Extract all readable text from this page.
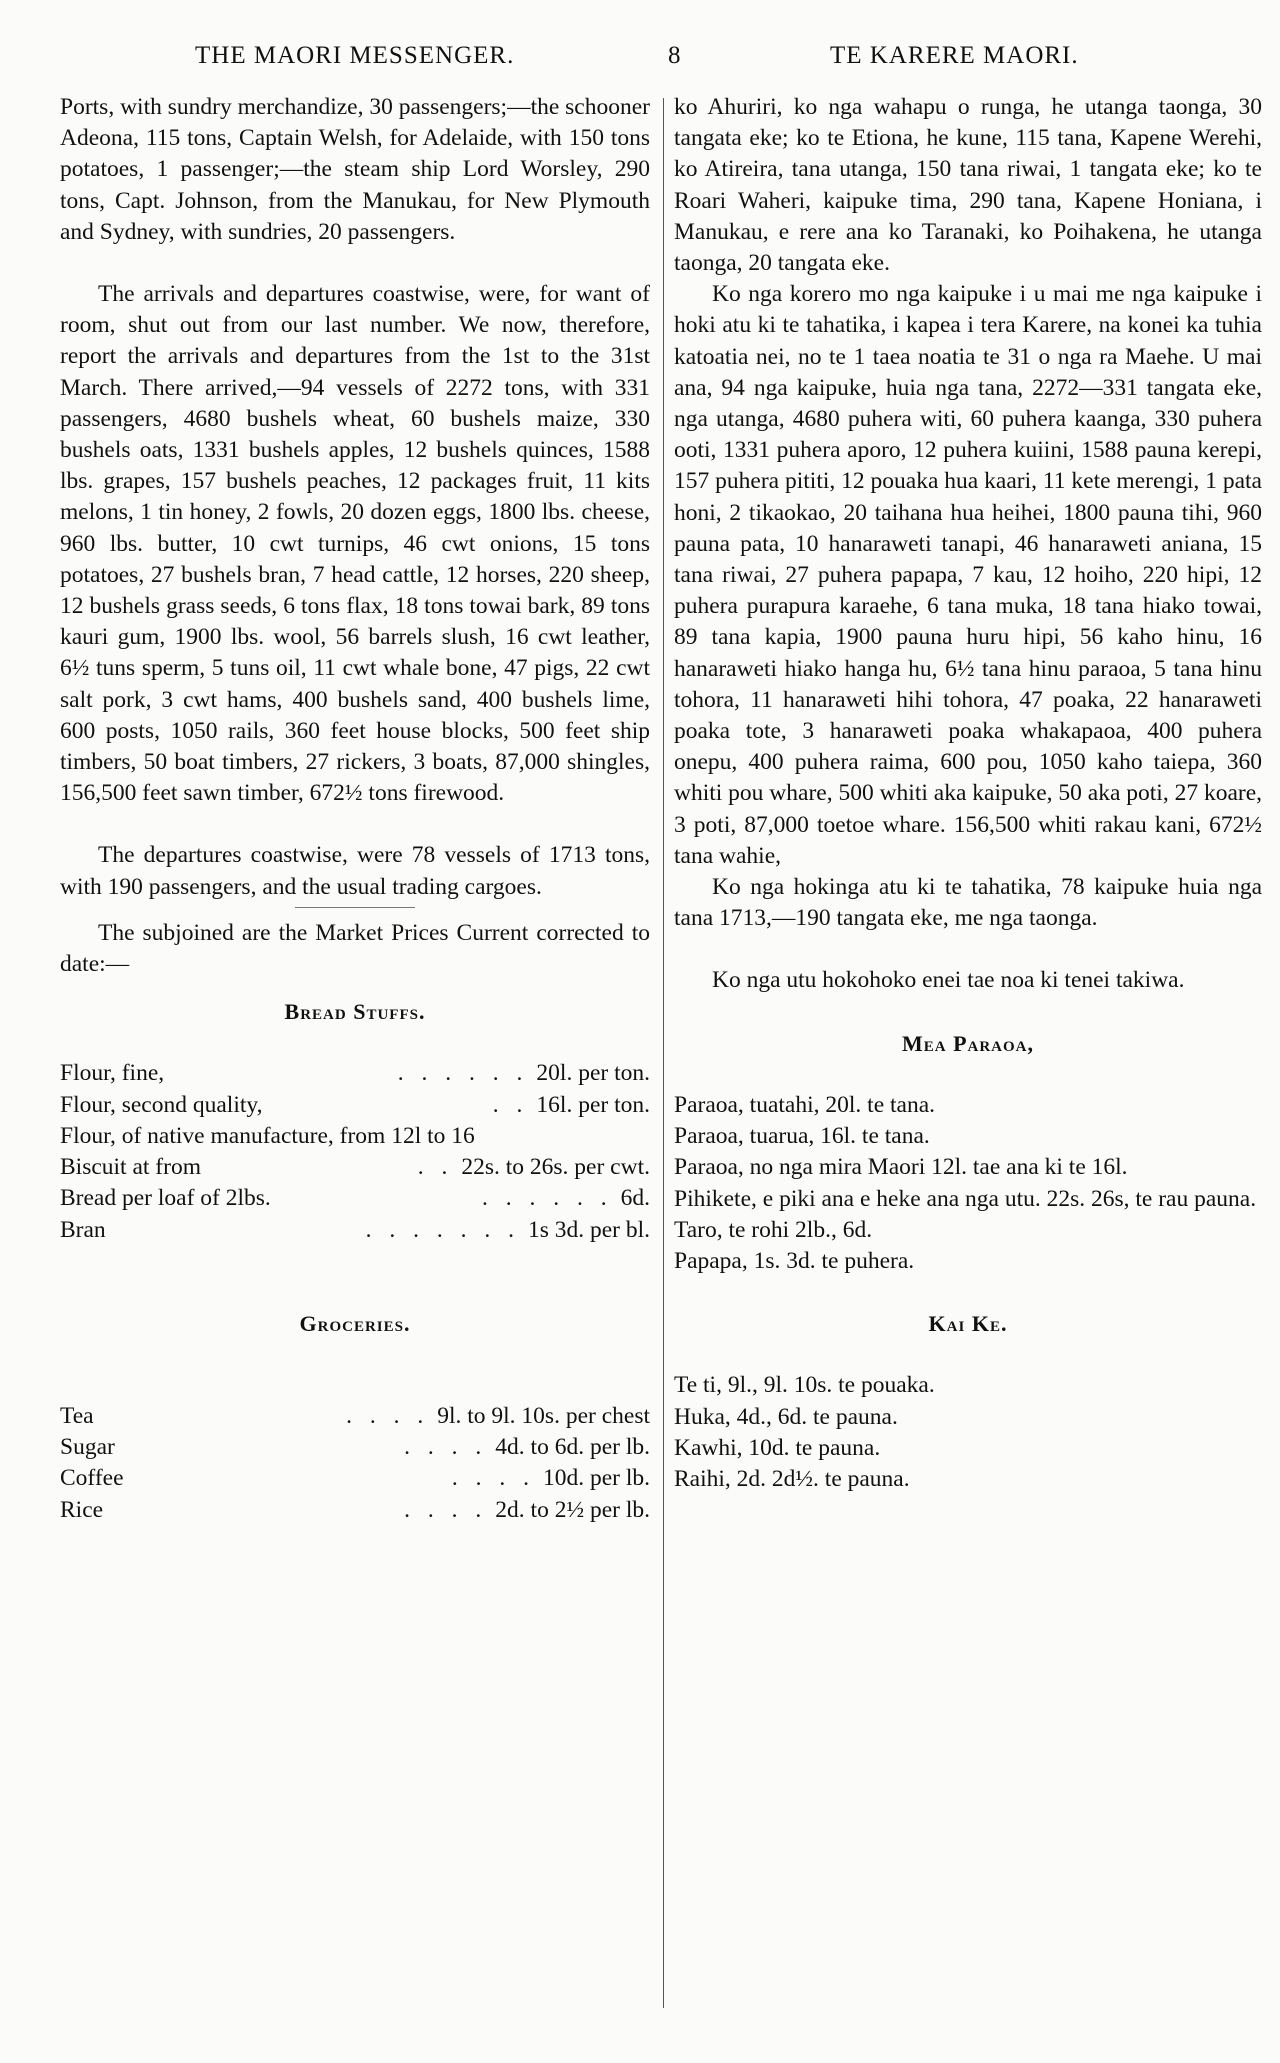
THE MAORI MESSENGER.	8	TE KARERE MAORI.

Ports, with sundry merchandize, 30 passengers;—the schooner Adeona, 115 tons, Captain Welsh, for Adelaide, with 150 tons potatoes, 1 passenger;—the steam ship Lord Worsley, 290 tons, Capt. Johnson, from the Manukau, for New Plymouth and Sydney, with sundries, 20 passengers.

The arrivals and departures coastwise, were, for want of room, shut out from our last number. We now, therefore, report the arrivals and departures from the 1st to the 31st March. There arrived,—94 vessels of 2272 tons, with 331 passengers, 4680 bushels wheat, 60 bushels maize, 330 bushels oats, 1331 bushels apples, 12 bushels quinces, 1588 lbs. grapes, 157 bushels peaches, 12 packages fruit, 11 kits melons, 1 tin honey, 2 fowls, 20 dozen eggs, 1800 lbs. cheese, 960 lbs. butter, 10 cwt turnips, 46 cwt onions, 15 tons potatoes, 27 bushels bran, 7 head cattle, 12 horses, 220 sheep, 12 bushels grass seeds, 6 tons flax, 18 tons towai bark, 89 tons kauri gum, 1900 lbs. wool, 56 barrels slush, 16 cwt leather, 6½ tuns sperm, 5 tuns oil, 11 cwt whale bone, 47 pigs, 22 cwt salt pork, 3 cwt hams, 400 bushels sand, 400 bushels lime, 600 posts, 1050 rails, 360 feet house blocks, 500 feet ship timbers, 50 boat timbers, 27 rickers, 3 boats, 87,000 shingles, 156,500 feet sawn timber, 672½ tons firewood.

The departures coastwise, were 78 vessels of 1713 tons, with 190 passengers, and the usual trading cargoes.

The subjoined are the Market Prices Current corrected to date:—

Bread Stuffs.
Flour, fine,	. . . . . . 20l. per ton.
Flour, second quality,	. . 16l. per ton.
Flour, of native manufacture, from 12l to 16
Biscuit at from	. . 22s. to 26s. per cwt.
Bread per loaf of 2lbs.	. . . . . . 6d.
Bran	. . . . . . . 1s 3d. per bl.
Groceries.
Tea	. . . . 9l. to 9l. 10s. per chest
Sugar	. . . . 4d. to 6d. per lb.
Coffee	. . . . 10d. per lb.
Rice	. . . . 2d. to 2½ per lb.

ko Ahuriri, ko nga wahapu o runga, he utanga taonga, 30 tangata eke; ko te Etiona, he kune, 115 tana, Kapene Werehi, ko Atireira, tana utanga, 150 tana riwai, 1 tangata eke; ko te Roari Waheri, kaipuke tima, 290 tana, Kapene Honiana, i Manukau, e rere ana ko Taranaki, ko Poihakena, he utanga taonga, 20 tangata eke.

Ko nga korero mo nga kaipuke i u mai me nga kaipuke i hoki atu ki te tahatika, i kapea i tera Karere, na konei ka tuhia katoatia nei, no te 1 taea noatia te 31 o nga ra Maehe. U mai ana, 94 nga kaipuke, huia nga tana, 2272—331 tangata eke, nga utanga, 4680 puhera witi, 60 puhera kaanga, 330 puhera ooti, 1331 puhera aporo, 12 puhera kuiini, 1588 pauna kerepi, 157 puhera pititi, 12 pouaka hua kaari, 11 kete merengi, 1 pata honi, 2 tikaokao, 20 taihana hua heihei, 1800 pauna tihi, 960 pauna pata, 10 hanaraweti tanapi, 46 hanaraweti aniana, 15 tana riwai, 27 puhera papapa, 7 kau, 12 hoiho, 220 hipi, 12 puhera purapura karaehe, 6 tana muka, 18 tana hiako towai, 89 tana kapia, 1900 pauna huru hipi, 56 kaho hinu, 16 hanaraweti hiako hanga hu, 6½ tana hinu paraoa, 5 tana hinu tohora, 11 hanaraweti hihi tohora, 47 poaka, 22 hanaraweti poaka tote, 3 hanaraweti poaka whakapaoa, 400 puhera onepu, 400 puhera raima, 600 pou, 1050 kaho taiepa, 360 whiti pou whare, 500 whiti aka kaipuke, 50 aka poti, 27 koare, 3 poti, 87,000 toetoe whare. 156,500 whiti rakau kani, 672½ tana wahie,

Ko nga hokinga atu ki te tahatika, 78 kaipuke huia nga tana 1713,—190 tangata eke, me nga taonga.

Ko nga utu hokohoko enei tae noa ki tenei takiwa.

Mea Paraoa,
Paraoa, tuatahi, 20l. te tana.
Paraoa, tuarua, 16l. te tana.
Paraoa, no nga mira Maori 12l. tae ana ki te 16l.
Pihikete, e piki ana e heke ana nga utu. 22s. 26s, te rau pauna.
Taro, te rohi 2lb., 6d.
Papapa, 1s. 3d. te puhera.
Kai Ke.
Te ti, 9l., 9l. 10s. te pouaka.
Huka, 4d., 6d. te pauna.
Kawhi, 10d. te pauna.
Raihi, 2d. 2d½. te pauna.
